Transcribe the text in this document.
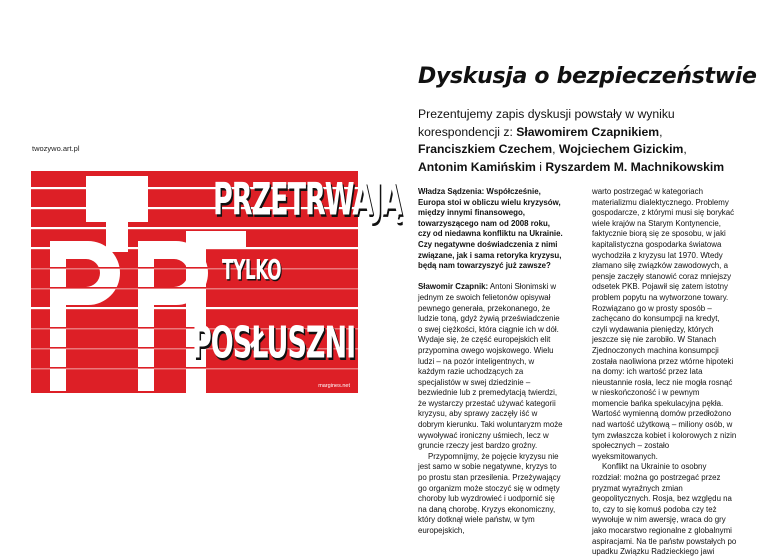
twozywo.art.pl
PRZETRWAJĄ
TYLKO
POSŁUSZNI
margines.net
Dyskusja o bezpieczeństwie
Prezentujemy zapis dyskusji powstały w wyniku korespondencji z: Sławomirem Czapnikiem, Franciszkiem Czechem, Wojciechem Gizickim, Antonim Kamińskim i Ryszardem M. Machnikowskim

Władza Sądzenia: Współcześnie, Europa stoi w obliczu wielu kryzysów, między innymi finansowego, towarzyszącego nam od 2008 roku, czy od niedawna konfliktu na Ukrainie. Czy negatywne doświadczenia z nimi związane, jak i sama retoryka kryzysu, będą nam towarzyszyć już zawsze?

Sławomir Czapnik: Antoni Słonimski w jednym ze swoich felietonów opisywał pewnego generała, przekonanego, że ludzie toną, gdyż żywią przeświadczenie o swej ciężkości, która ciągnie ich w dół. Wydaje się, że część europejskich elit przypomina owego wojskowego. Wielu ludzi – na pozór inteligentnych, w każdym razie uchodzących za specjalistów w swej dziedzinie – bezwiednie lub z premedytacją twierdzi, że wystarczy przestać używać kategorii kryzysu, aby sprawy zaczęły iść w dobrym kierunku. Taki woluntaryzm może wywoływać ironiczny uśmiech, lecz w gruncie rzeczy jest bardzo groźny.

Przypomnijmy, że pojęcie kryzysu nie jest samo w sobie negatywne, kryzys to po prostu stan przesilenia. Przeżywający go organizm może stoczyć się w odmęty choroby lub wyzdrowieć i uodpornić się na daną chorobę. Kryzys ekonomiczny, który dotknął wiele państw, w tym europejskich,

warto postrzegać w kategoriach materializmu dialektycznego. Problemy gospodarcze, z którymi musi się borykać wiele krajów na Starym Kontynencie, faktycznie biorą się ze sposobu, w jaki kapitalistyczna gospodarka światowa wychodziła z kryzysu lat 1970. Wtedy złamano siłę związków zawodowych, a pensje zaczęły stanowić coraz mniejszy odsetek PKB. Pojawił się zatem istotny problem popytu na wytworzone towary. Rozwiązano go w prosty sposób – zachęcano do konsumpcji na kredyt, czyli wydawania pieniędzy, których jeszcze się nie zarobiło. W Stanach Zjednoczonych machina konsumpcji została naoliwiona przez wtórne hipoteki na domy: ich wartość przez lata nieustannie rosła, lecz nie mogła rosnąć w nieskończoność i w pewnym momencie bańka spekulacyjna pękła. Wartość wymienną domów przedłożono nad wartość użytkową – miliony osób, w tym zwłaszcza kobiet i kolorowych z nizin społecznych – zostało wyeksmitowanych.

Konflikt na Ukrainie to osobny rozdział: można go postrzegać przez pryzmat wyraźnych zmian geopolitycznych. Rosja, bez względu na to, czy to się komuś podoba czy też wywołuje w nim awersję, wraca do gry jako mocarstwo regionalne z globalnymi aspiracjami. Na tle państw powstałych po upadku Związku Radzieckiego jawi
